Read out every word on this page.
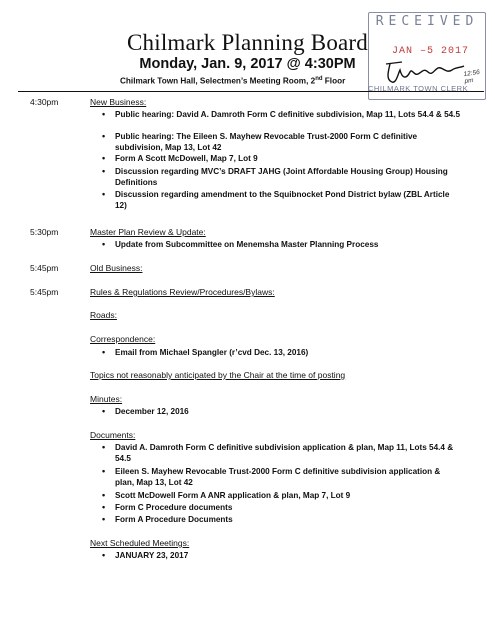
RECEIVED
JAN –5 2017
CHILMARK TOWN CLERK
12:56
pm
Chilmark Planning Board
Monday, Jan. 9, 2017 @ 4:30PM
Chilmark Town Hall, Selectmen’s Meeting Room, 2nd Floor
4:30pm	New Business:
• Public hearing: David A. Damroth Form C definitive subdivision, Map 11, Lots 54.4 & 54.5
• Public hearing: The Eileen S. Mayhew Revocable Trust-2000 Form C definitive subdivision, Map 13, Lot 42
• Form A Scott McDowell, Map 7, Lot 9
• Discussion regarding MVC’s DRAFT JAHG (Joint Affordable Housing Group) Housing Definitions
• Discussion regarding amendment to the Squibnocket Pond District bylaw (ZBL Article 12)
5:30pm	Master Plan Review & Update:
• Update from Subcommittee on Menemsha Master Planning Process
5:45pm	Old Business:
5:45pm	Rules & Regulations Review/Procedures/Bylaws:
Roads:
Correspondence:
• Email from Michael Spangler (r’cvd Dec. 13, 2016)
Topics not reasonably anticipated by the Chair at the time of posting
Minutes:
• December 12, 2016
Documents:
• David A. Damroth Form C definitive subdivision application & plan, Map 11, Lots 54.4 & 54.5
• Eileen S. Mayhew Revocable Trust-2000 Form C definitive subdivision application & plan, Map 13, Lot 42
• Scott McDowell Form A ANR application & plan, Map 7, Lot 9
• Form C Procedure documents
• Form A Procedure Documents
Next Scheduled Meetings:
• JANUARY 23, 2017
